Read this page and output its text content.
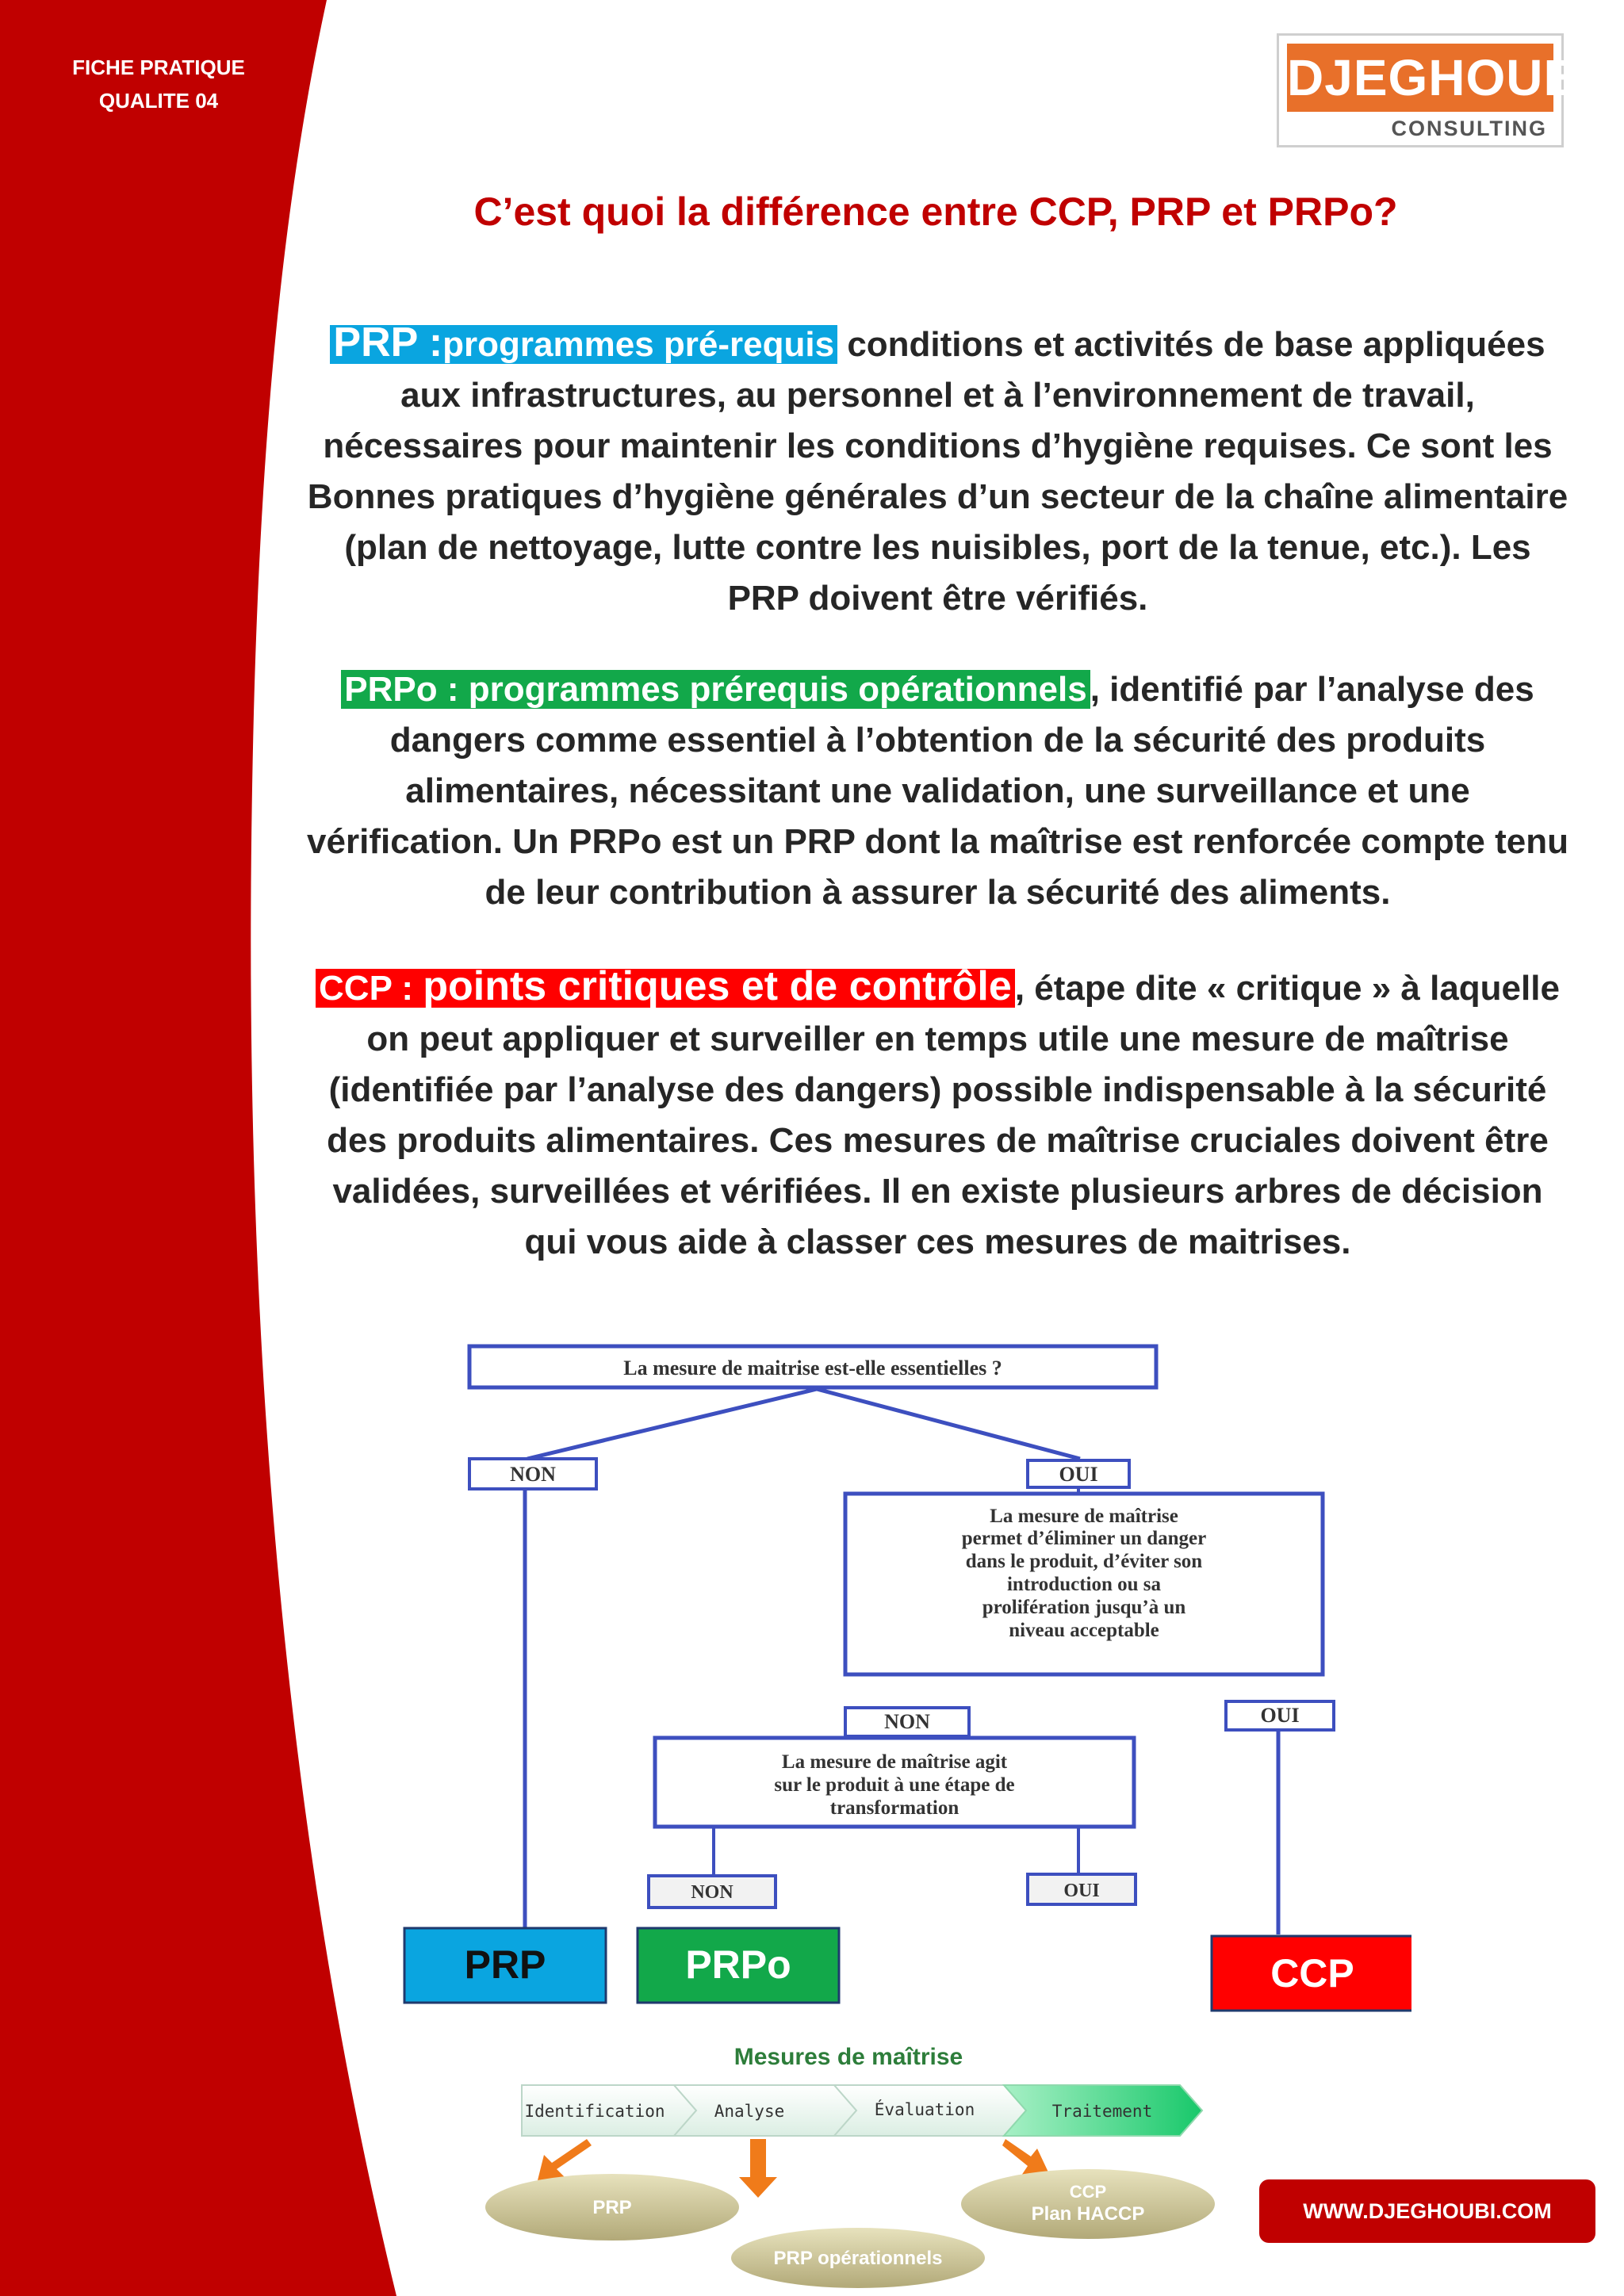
FICHE PRATIQUE
QUALITE 04	DJEGHOUBI
CONSULTING
C’est quoi la différence entre CCP, PRP et PRPo?
PRP :programmes pré-requis conditions et activités de base appliquées aux infrastructures, au personnel et à l’environnement de travail, nécessaires pour maintenir les conditions d’hygiène requises. Ce sont les Bonnes pratiques d’hygiène générales d’un secteur de la chaîne alimentaire (plan de nettoyage, lutte contre les nuisibles, port de la tenue, etc.). Les PRP doivent être vérifiés.
PRPo : programmes prérequis opérationnels, identifié par l’analyse des dangers comme essentiel à l’obtention de la sécurité des produits alimentaires, nécessitant une validation, une surveillance et une vérification. Un PRPo est un PRP dont la maîtrise est renforcée compte tenu de leur contribution à assurer la sécurité des aliments.
CCP : points critiques et de contrôle, étape dite « critique » à laquelle on peut appliquer et surveiller en temps utile une mesure de maîtrise (identifiée par l’analyse des dangers) possible indispensable à la sécurité des produits alimentaires. Ces mesures de maîtrise cruciales doivent être validées, surveillées et vérifiées. Il en existe plusieurs arbres de décision qui vous aide à classer ces mesures de maitrises.
La mesure de maitrise est-elle essentielles ?
NON	OUI
La mesure de maîtrise
permet d’éliminer un danger
dans le produit, d’éviter son
introduction ou sa
prolifération jusqu’à un
niveau acceptable
NON	OUI
La mesure de maîtrise agit
sur le produit à une étape de
transformation
NON	OUI
PRP	PRPo	CCP
Mesures de maîtrise
Identification	Analyse	Évaluation	Traitement
PRP
PRP opérationnels
CCP
Plan HACCP	WWW.DJEGHOUBI.COM
